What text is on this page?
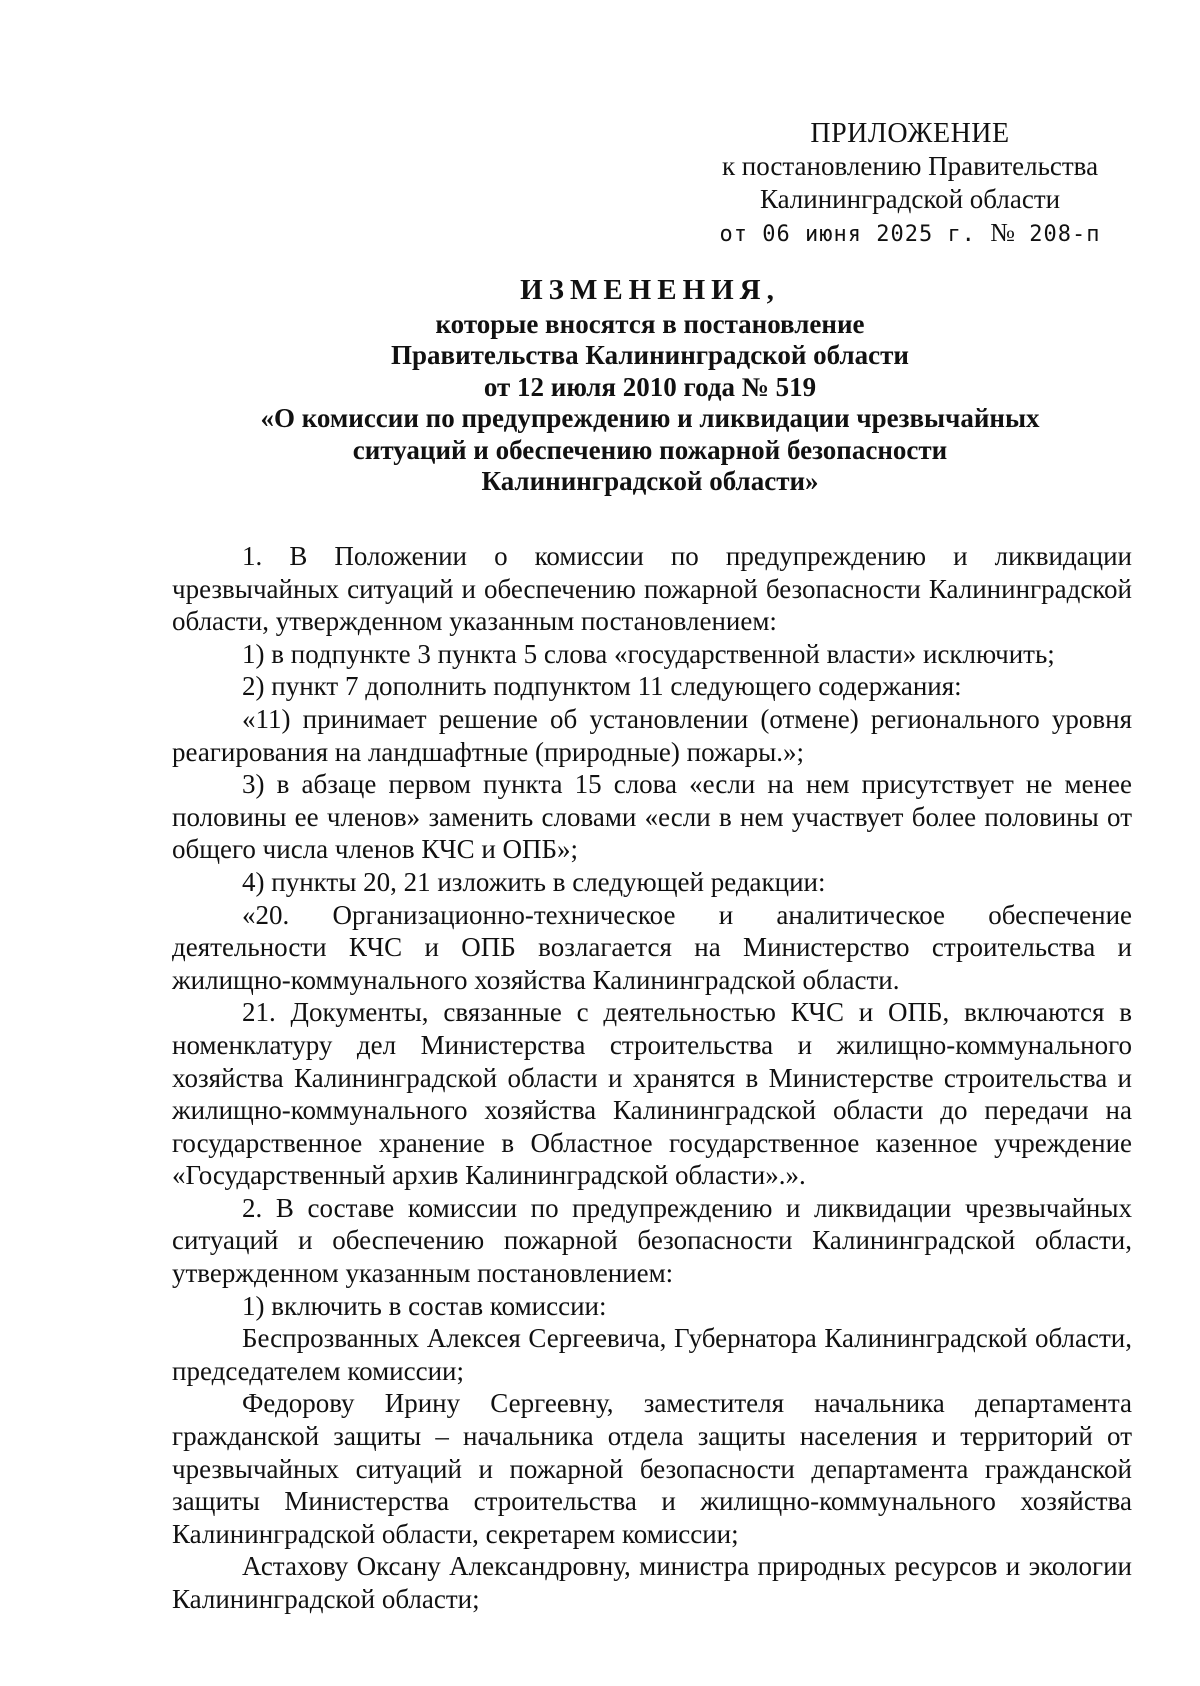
ПРИЛОЖЕНИЕ
к постановлению Правительства
Калининградской области
от 06 июня 2025 г. № 208-п
ИЗМЕНЕНИЯ,
которые вносятся в постановление
Правительства Калининградской области
от 12 июля 2010 года № 519
«О комиссии по предупреждению и ликвидации чрезвычайных
ситуаций и обеспечению пожарной безопасности
Калининградской области»

1. В Положении о комиссии по предупреждению и ликвидации чрезвычайных ситуаций и обеспечению пожарной безопасности Калининградской области, утвержденном указанным постановлением:

1) в подпункте 3 пункта 5 слова «государственной власти» исключить;

2) пункт 7 дополнить подпунктом 11 следующего содержания:

«11) принимает решение об установлении (отмене) регионального уровня реагирования на ландшафтные (природные) пожары.»;

3) в абзаце первом пункта 15 слова «если на нем присутствует не менее половины ее членов» заменить словами «если в нем участвует более половины от общего числа членов КЧС и ОПБ»;

4) пункты 20, 21 изложить в следующей редакции:

«20. Организационно-техническое и аналитическое обеспечение деятельности КЧС и ОПБ возлагается на Министерство строительства и жилищно-коммунального хозяйства Калининградской области.

21. Документы, связанные с деятельностью КЧС и ОПБ, включаются в номенклатуру дел Министерства строительства и жилищно-коммунального хозяйства Калининградской области и хранятся в Министерстве строительства и жилищно-коммунального хозяйства Калининградской области до передачи на государственное хранение в Областное государственное казенное учреждение «Государственный архив Калининградской области».».

2. В составе комиссии по предупреждению и ликвидации чрезвычайных ситуаций и обеспечению пожарной безопасности Калининградской области, утвержденном указанным постановлением:

1) включить в состав комиссии:

Беспрозванных Алексея Сергеевича, Губернатора Калининградской области, председателем комиссии;

Федорову Ирину Сергеевну, заместителя начальника департамента гражданской защиты – начальника отдела защиты населения и территорий от чрезвычайных ситуаций и пожарной безопасности департамента гражданской защиты Министерства строительства и жилищно-коммунального хозяйства Калининградской области, секретарем комиссии;

Астахову Оксану Александровну, министра природных ресурсов и экологии Калининградской области;
